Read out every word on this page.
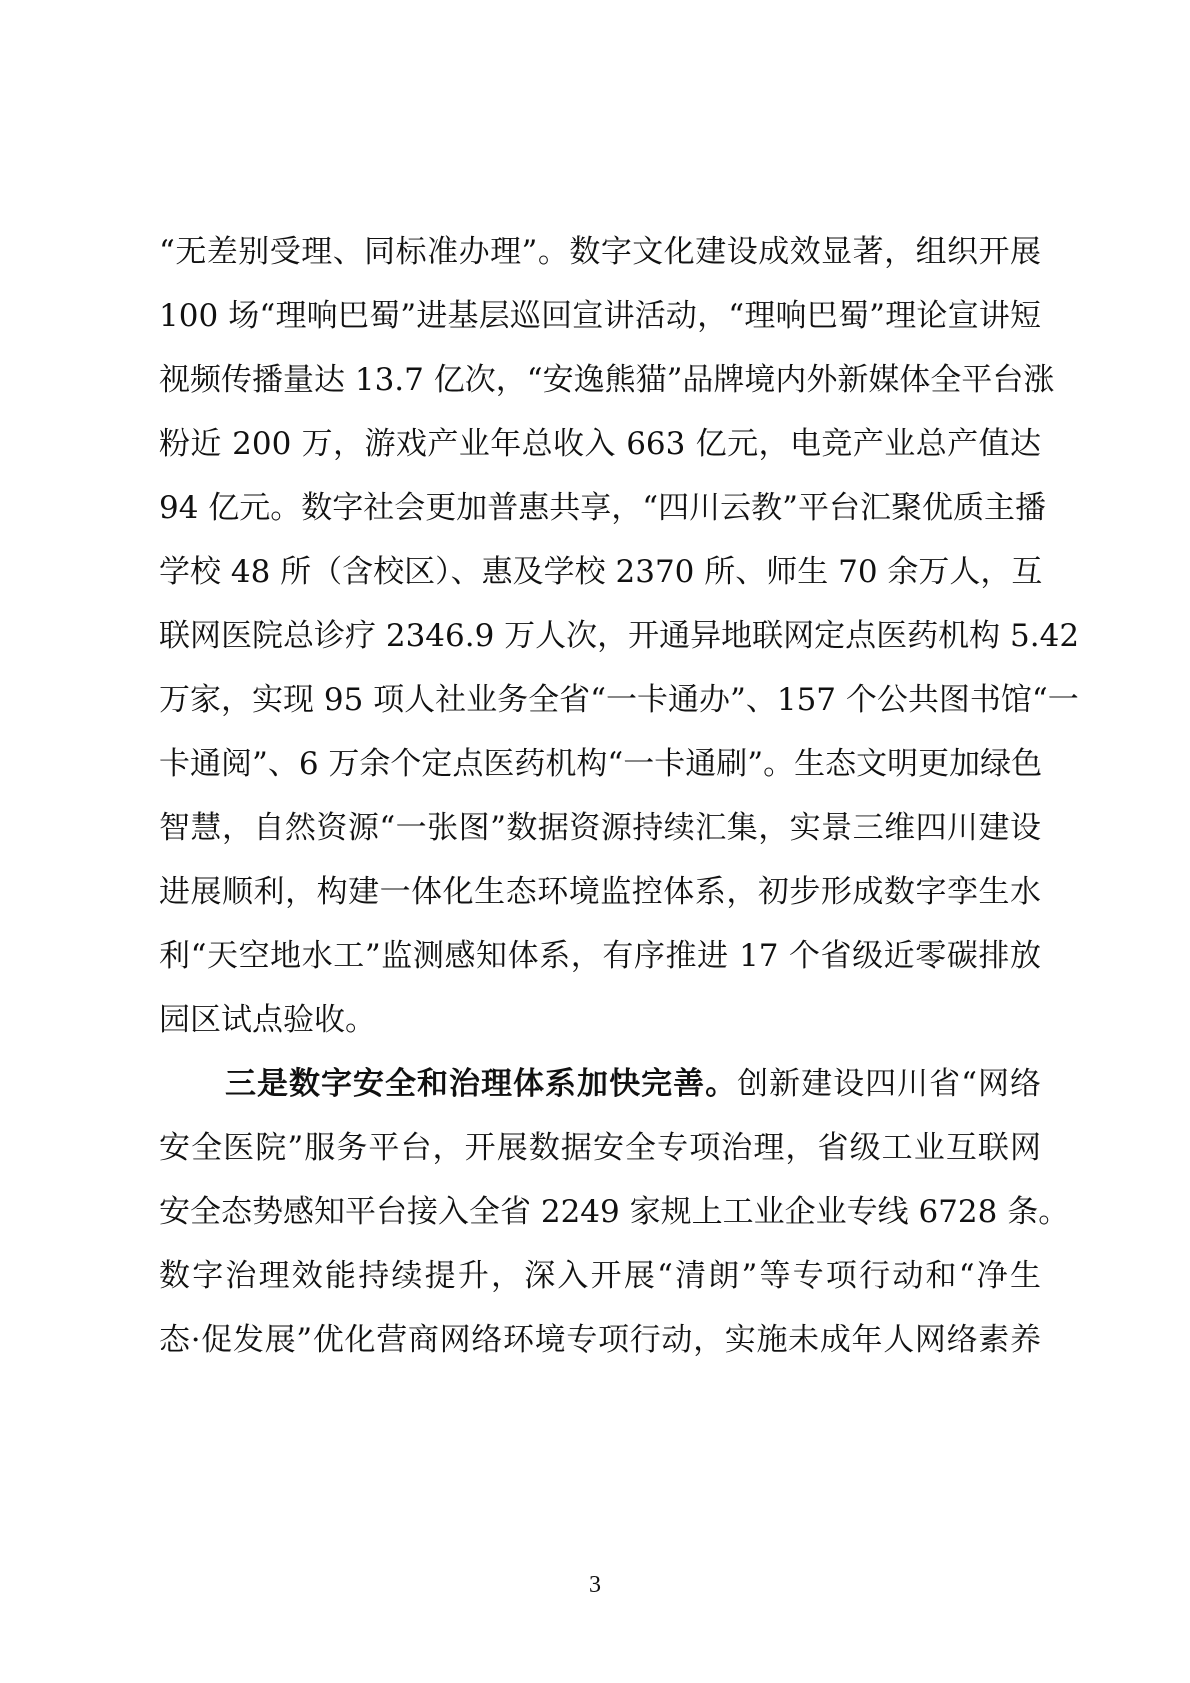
“无差别受理、同标准办理”。数字文化建设成效显著，组织开展
100 场“理响巴蜀”进基层巡回宣讲活动，“理响巴蜀”理论宣讲短
视频传播量达 13.7 亿次，“安逸熊猫”品牌境内外新媒体全平台涨
粉近 200 万，游戏产业年总收入 663 亿元，电竞产业总产值达
94 亿元。数字社会更加普惠共享，“四川云教”平台汇聚优质主播
学校 48 所（含校区）、惠及学校 2370 所、师生 70 余万人，互
联网医院总诊疗 2346.9 万人次，开通异地联网定点医药机构 5.42
万家，实现 95 项人社业务全省“一卡通办”、157 个公共图书馆“一
卡通阅”、6 万余个定点医药机构“一卡通刷”。生态文明更加绿色
智慧，自然资源“一张图”数据资源持续汇集，实景三维四川建设
进展顺利，构建一体化生态环境监控体系，初步形成数字孪生水
利“天空地水工”监测感知体系，有序推进 17 个省级近零碳排放
园区试点验收。
三是数字安全和治理体系加快完善。创新建设四川省“网络
安全医院”服务平台，开展数据安全专项治理，省级工业互联网
安全态势感知平台接入全省 2249 家规上工业企业专线 6728 条。
数字治理效能持续提升，深入开展“清朗”等专项行动和“净生
态·促发展”优化营商网络环境专项行动，实施未成年人网络素养
3
